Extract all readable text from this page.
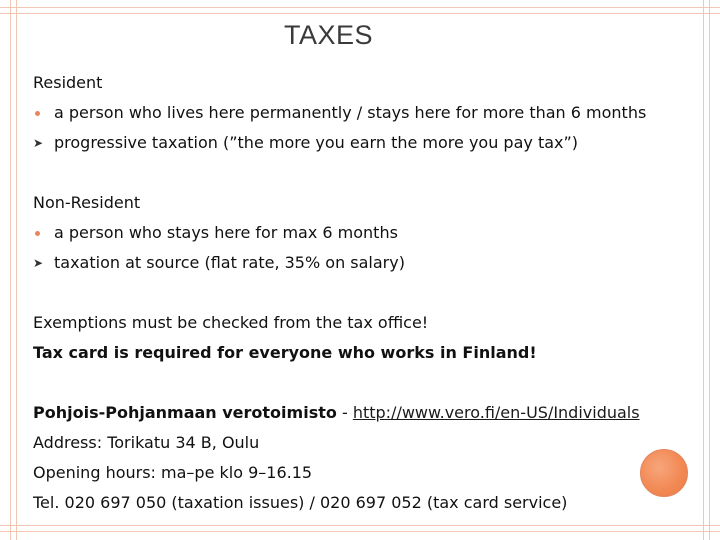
TAXES
Resident
a person who lives here permanently / stays here for more than 6 months
➤ progressive taxation (”the more you earn the more you pay tax”)
Non-Resident
a person who stays here for max 6 months
➤ taxation at source (flat rate, 35% on salary)
Exemptions must be checked from the tax office!
Tax card is required for everyone who works in Finland!
Pohjois-Pohjanmaan verotoimisto - http://www.vero.fi/en-US/Individuals
Address: Torikatu 34 B, Oulu
Opening hours: ma–pe klo 9–16.15
Tel. 020 697 050 (taxation issues) / 020 697 052 (tax card service)
